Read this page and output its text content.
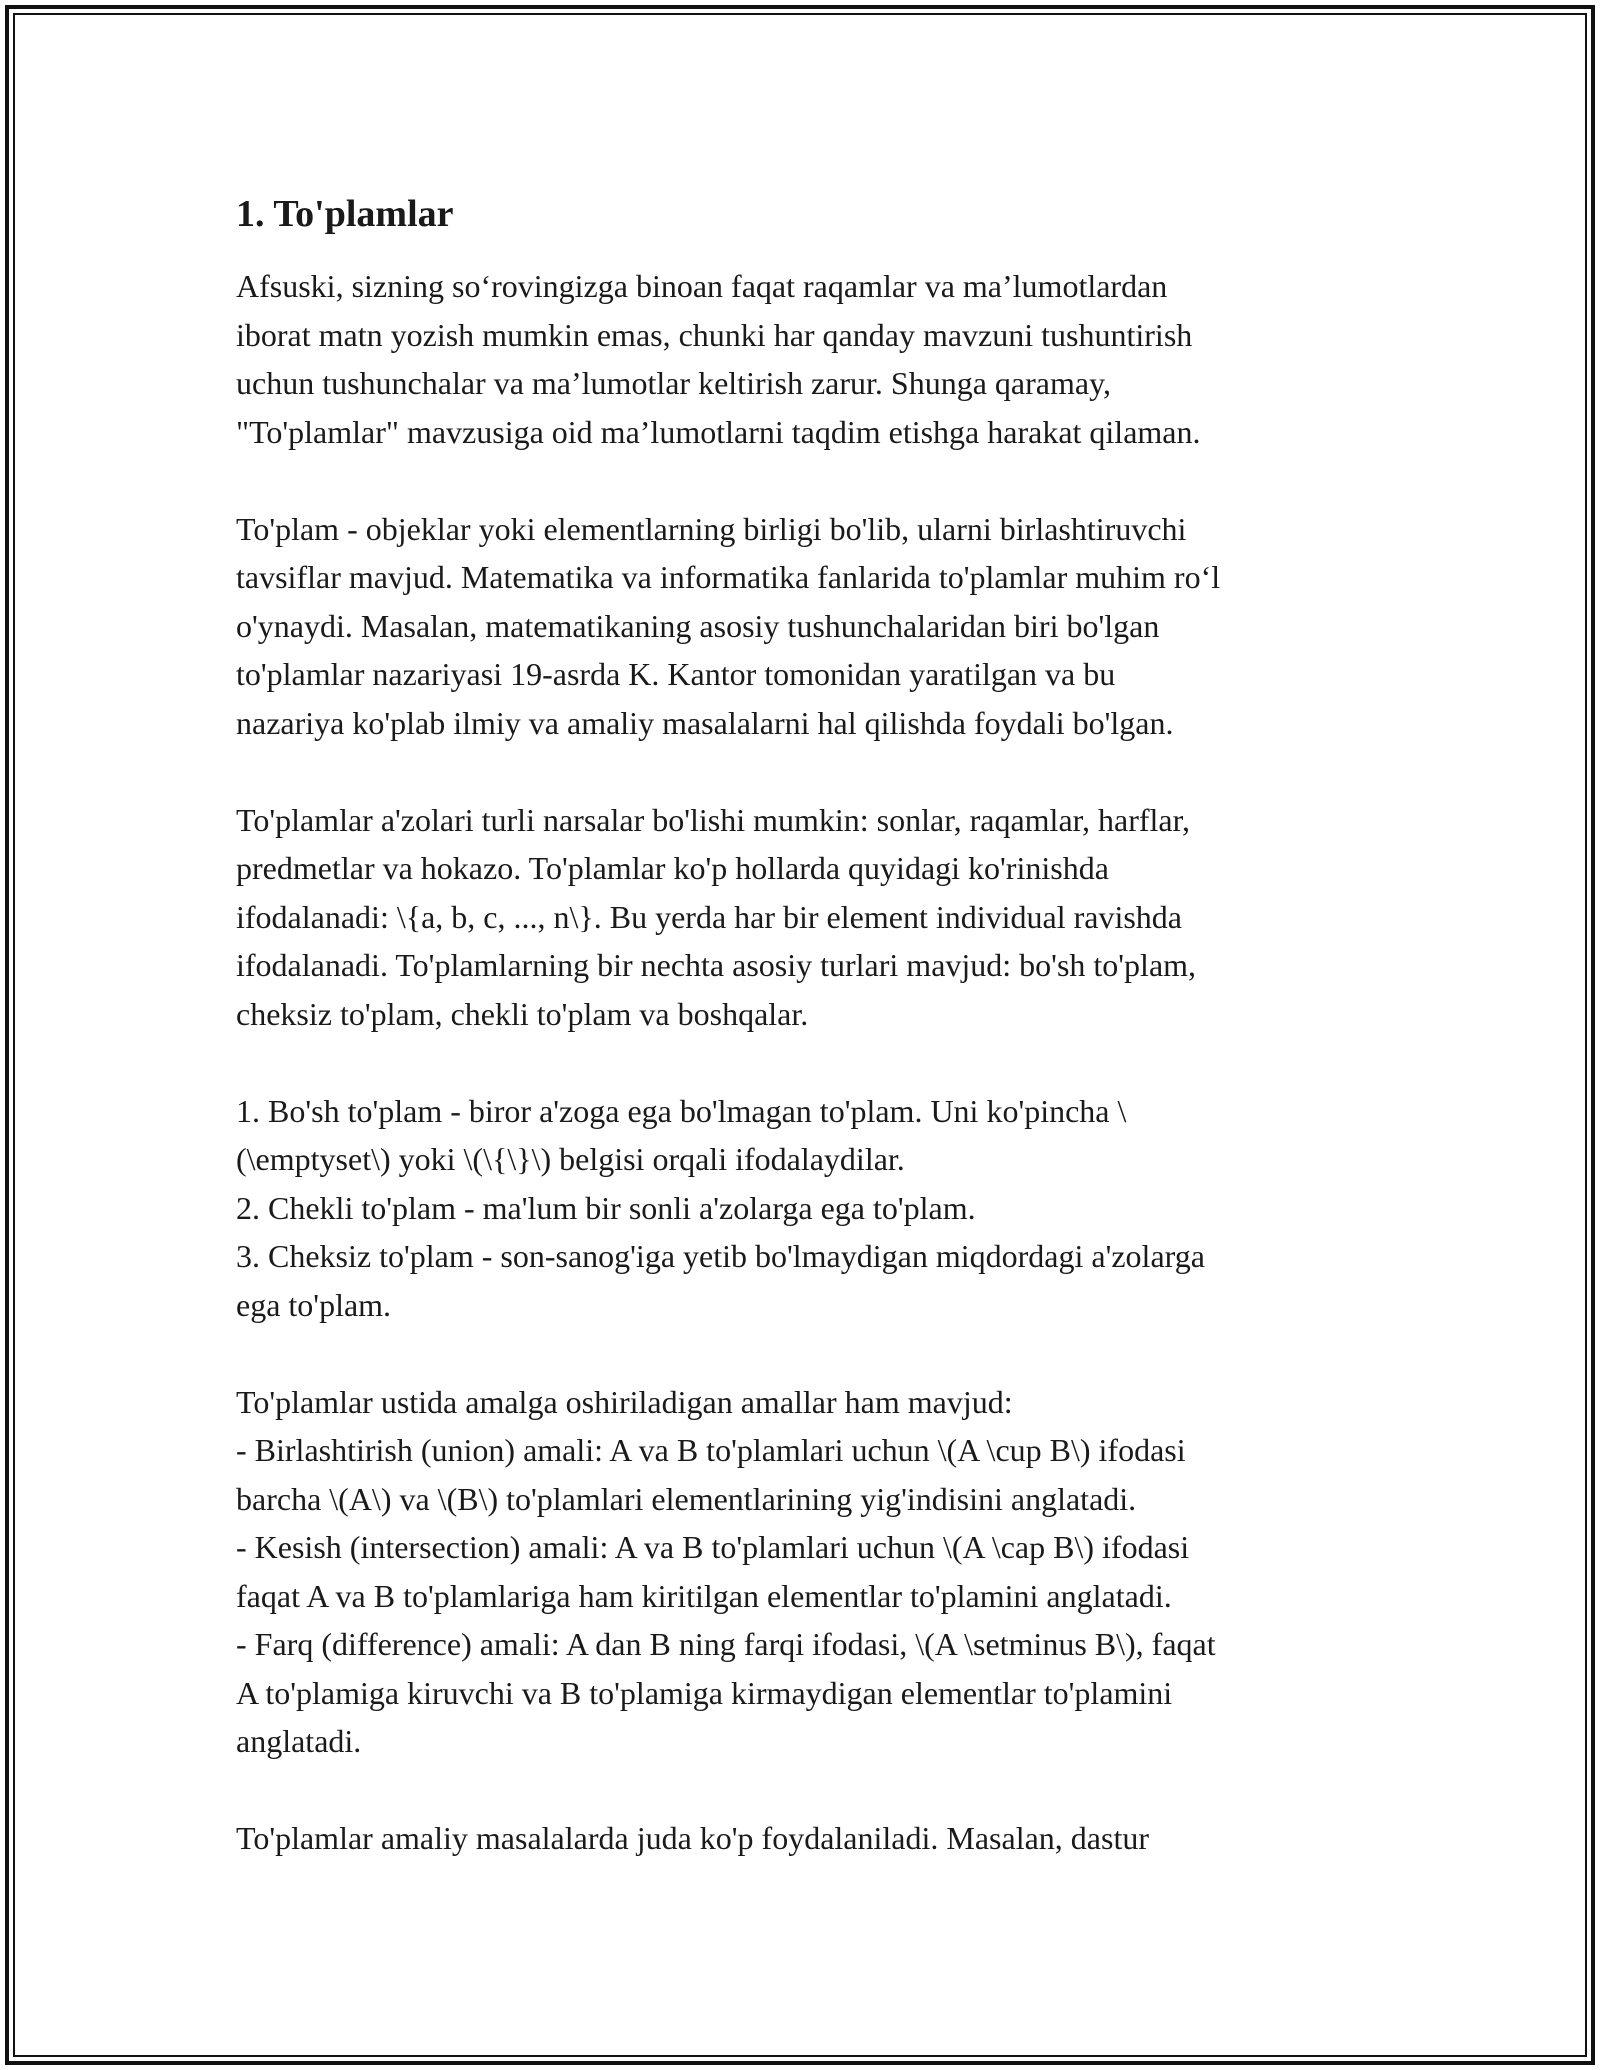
1. To'plamlar

Afsuski, sizning so‘rovingizga binoan faqat raqamlar va ma’lumotlardan
iborat matn yozish mumkin emas, chunki har qanday mavzuni tushuntirish
uchun tushunchalar va ma’lumotlar keltirish zarur. Shunga qaramay,
"To'plamlar" mavzusiga oid ma’lumotlarni taqdim etishga harakat qilaman.

To'plam - objeklar yoki elementlarning birligi bo'lib, ularni birlashtiruvchi
tavsiflar mavjud. Matematika va informatika fanlarida to'plamlar muhim ro‘l
o'ynaydi. Masalan, matematikaning asosiy tushunchalaridan biri bo'lgan
to'plamlar nazariyasi 19-asrda K. Kantor tomonidan yaratilgan va bu
nazariya ko'plab ilmiy va amaliy masalalarni hal qilishda foydali bo'lgan.

To'plamlar a'zolari turli narsalar bo'lishi mumkin: sonlar, raqamlar, harflar,
predmetlar va hokazo. To'plamlar ko'p hollarda quyidagi ko'rinishda
ifodalanadi: \{a, b, c, ..., n\}. Bu yerda har bir element individual ravishda
ifodalanadi. To'plamlarning bir nechta asosiy turlari mavjud: bo'sh to'plam,
cheksiz to'plam, chekli to'plam va boshqalar.

1. Bo'sh to'plam - biror a'zoga ega bo'lmagan to'plam. Uni ko'pincha \
(\emptyset\) yoki \(\{\}\) belgisi orqali ifodalaydilar.
2. Chekli to'plam - ma'lum bir sonli a'zolarga ega to'plam.
3. Cheksiz to'plam - son-sanog'iga yetib bo'lmaydigan miqdordagi a'zolarga
ega to'plam.

To'plamlar ustida amalga oshiriladigan amallar ham mavjud:
- Birlashtirish (union) amali: A va B to'plamlari uchun \(A \cup B\) ifodasi
barcha \(A\) va \(B\) to'plamlari elementlarining yig'indisini anglatadi.
- Kesish (intersection) amali: A va B to'plamlari uchun \(A \cap B\) ifodasi
faqat A va B to'plamlariga ham kiritilgan elementlar to'plamini anglatadi.
- Farq (difference) amali: A dan B ning farqi ifodasi, \(A \setminus B\), faqat
A to'plamiga kiruvchi va B to'plamiga kirmaydigan elementlar to'plamini
anglatadi.

To'plamlar amaliy masalalarda juda ko'p foydalaniladi. Masalan, dastur
